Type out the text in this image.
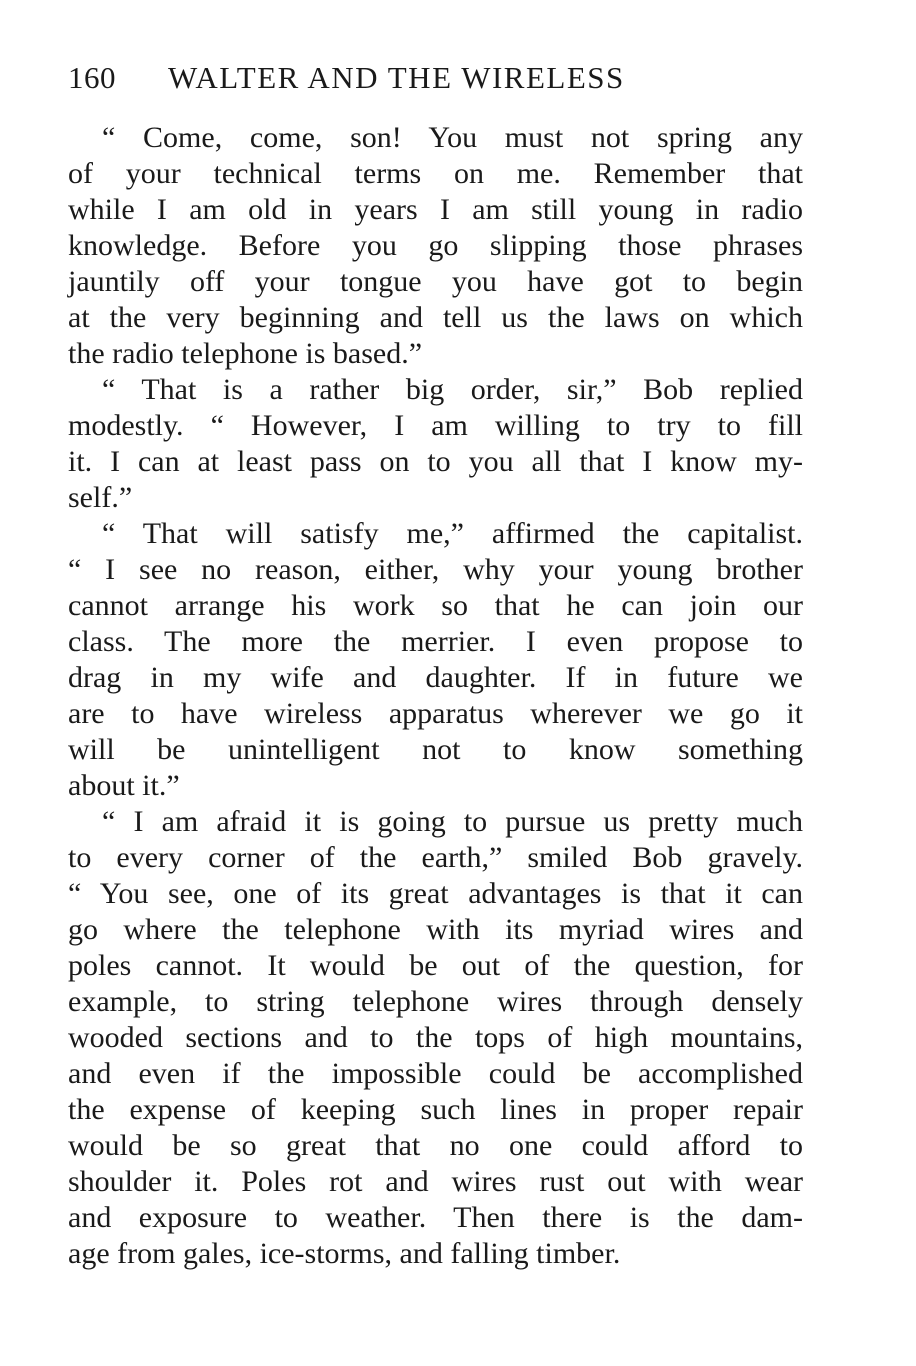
160 WALTER AND THE WIRELESS
“ Come, come, son! You must not spring any
of your technical terms on me. Remember that
while I am old in years I am still young in radio
knowledge. Before you go slipping those phrases
jauntily off your tongue you have got to begin
at the very beginning and tell us the laws on which
the radio telephone is based.”
“ That is a rather big order, sir,” Bob replied
modestly. “ However, I am willing to try to fill
it. I can at least pass on to you all that I know my-
self.”
“ That will satisfy me,” affirmed the capitalist.
“ I see no reason, either, why your young brother
cannot arrange his work so that he can join our
class. The more the merrier. I even propose to
drag in my wife and daughter. If in future we
are to have wireless apparatus wherever we go it
will be unintelligent not to know something
about it.”
“ I am afraid it is going to pursue us pretty much
to every corner of the earth,” smiled Bob gravely.
“ You see, one of its great advantages is that it can
go where the telephone with its myriad wires and
poles cannot. It would be out of the question, for
example, to string telephone wires through densely
wooded sections and to the tops of high mountains,
and even if the impossible could be accomplished
the expense of keeping such lines in proper repair
would be so great that no one could afford to
shoulder it. Poles rot and wires rust out with wear
and exposure to weather. Then there is the dam-
age from gales, ice-storms, and falling timber.
